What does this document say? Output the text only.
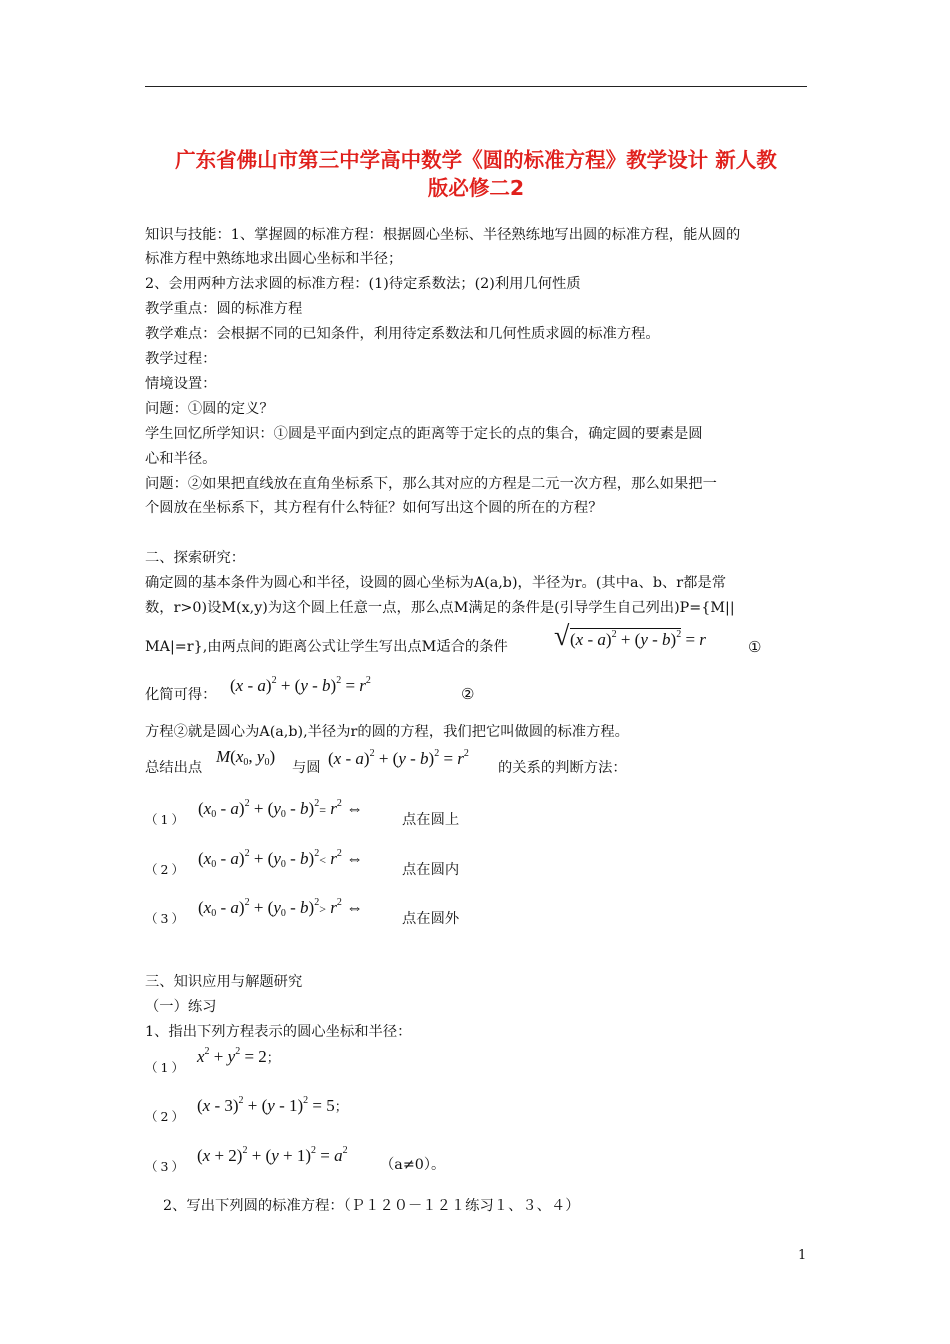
广东省佛山市第三中学高中数学《圆的标准方程》教学设计 新人教
版必修二2
知识与技能：1、掌握圆的标准方程：根据圆心坐标、半径熟练地写出圆的标准方程，能从圆的
标准方程中熟练地求出圆心坐标和半径；
2、会用两种方法求圆的标准方程：(1)待定系数法；(2)利用几何性质
教学重点：圆的标准方程
教学难点：会根据不同的已知条件，利用待定系数法和几何性质求圆的标准方程。
教学过程：
情境设置：
问题：①圆的定义？
学生回忆所学知识：①圆是平面内到定点的距离等于定长的点的集合，确定圆的要素是圆
心和半径。
问题：②如果把直线放在直角坐标系下，那么其对应的方程是二元一次方程，那么如果把一
个圆放在坐标系下，其方程有什么特征？如何写出这个圆的所在的方程？
二、探索研究：
确定圆的基本条件为圆心和半径，设圆的圆心坐标为A(a,b)，半径为r。(其中a、b、r都是常
数，r>0)设M(x,y)为这个圆上任意一点，那么点M满足的条件是(引导学生自己列出)P={M||
MA|=r},由两点间的距离公式让学生写出点M适合的条件
√	(x - a)$^2$ + (y - b)$^2$ = r	①
化简可得： $(x - a)^2 + (y - b)^2 = r^2$
②
方程②就是圆心为A(a,b),半径为r的圆的方程，我们把它叫做圆的标准方程。
总结出点
$M(x_0$, $y_0$)
与圆 $(x - a)^2 + (y - b)^2 = r^2$
的关系的判断方法：
（1）
$(x_0 - a)^2 + (y_0 - b)^2= r^2$ ⇔
点在圆上
（2）
$(x_0 - a)^2 + (y_0 - b)^2< r^2$ ⇔
点在圆内
（3）
$(x_0 - a)^2 + (y_0 - b)^2> r^2$ ⇔
点在圆外
三、知识应用与解题研究
（一）练习
1、指出下列方程表示的圆心坐标和半径：
（1）
$x^2 + y^2 = 2$；
（2）
(x - 3)$^2$ + (y - 1)$^2$ = 5；
（3）
$(x + 2)^2 + (y + 1)^2 = a^2$
（a≠0）。
2、写出下列圆的标准方程：（Ｐ１２０－１２１练习１、３、４）
1
